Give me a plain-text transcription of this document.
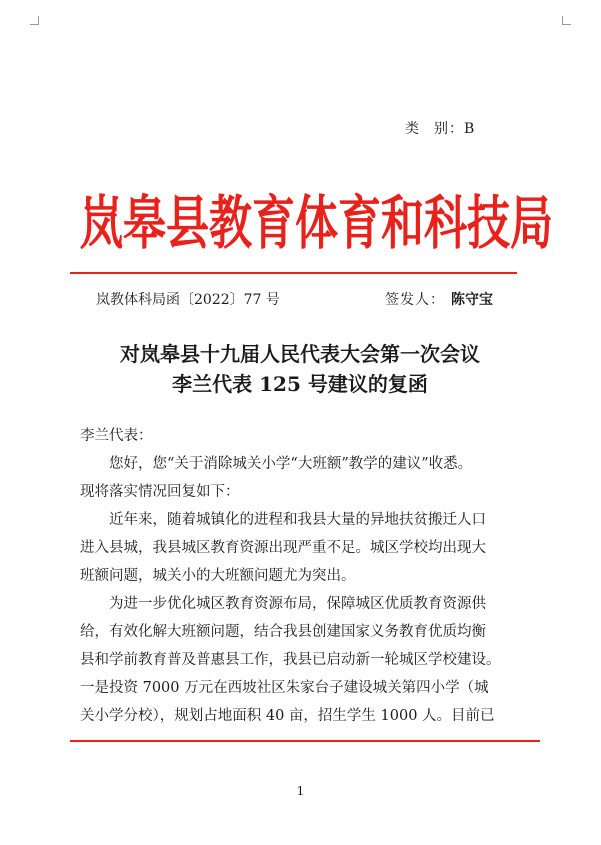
类 别：B
岚皋县教育体育和科技局
岚教体科局函〔2022〕77 号	签发人： 陈守宝
对岚皋县十九届人民代表大会第一次会议
李兰代表 125 号建议的复函
李兰代表：
您好，您“关于消除城关小学“大班额”教学的建议”收悉。
现将落实情况回复如下：
近年来，随着城镇化的进程和我县大量的异地扶贫搬迁人口
进入县城，我县城区教育资源出现严重不足。城区学校均出现大
班额问题，城关小的大班额问题尤为突出。
为进一步优化城区教育资源布局，保障城区优质教育资源供
给，有效化解大班额问题，结合我县创建国家义务教育优质均衡
县和学前教育普及普惠县工作，我县已启动新一轮城区学校建设。
一是投资 7000 万元在西坡社区朱家台子建设城关第四小学（城
关小学分校），规划占地面积 40 亩，招生学生 1000 人。目前已
1
